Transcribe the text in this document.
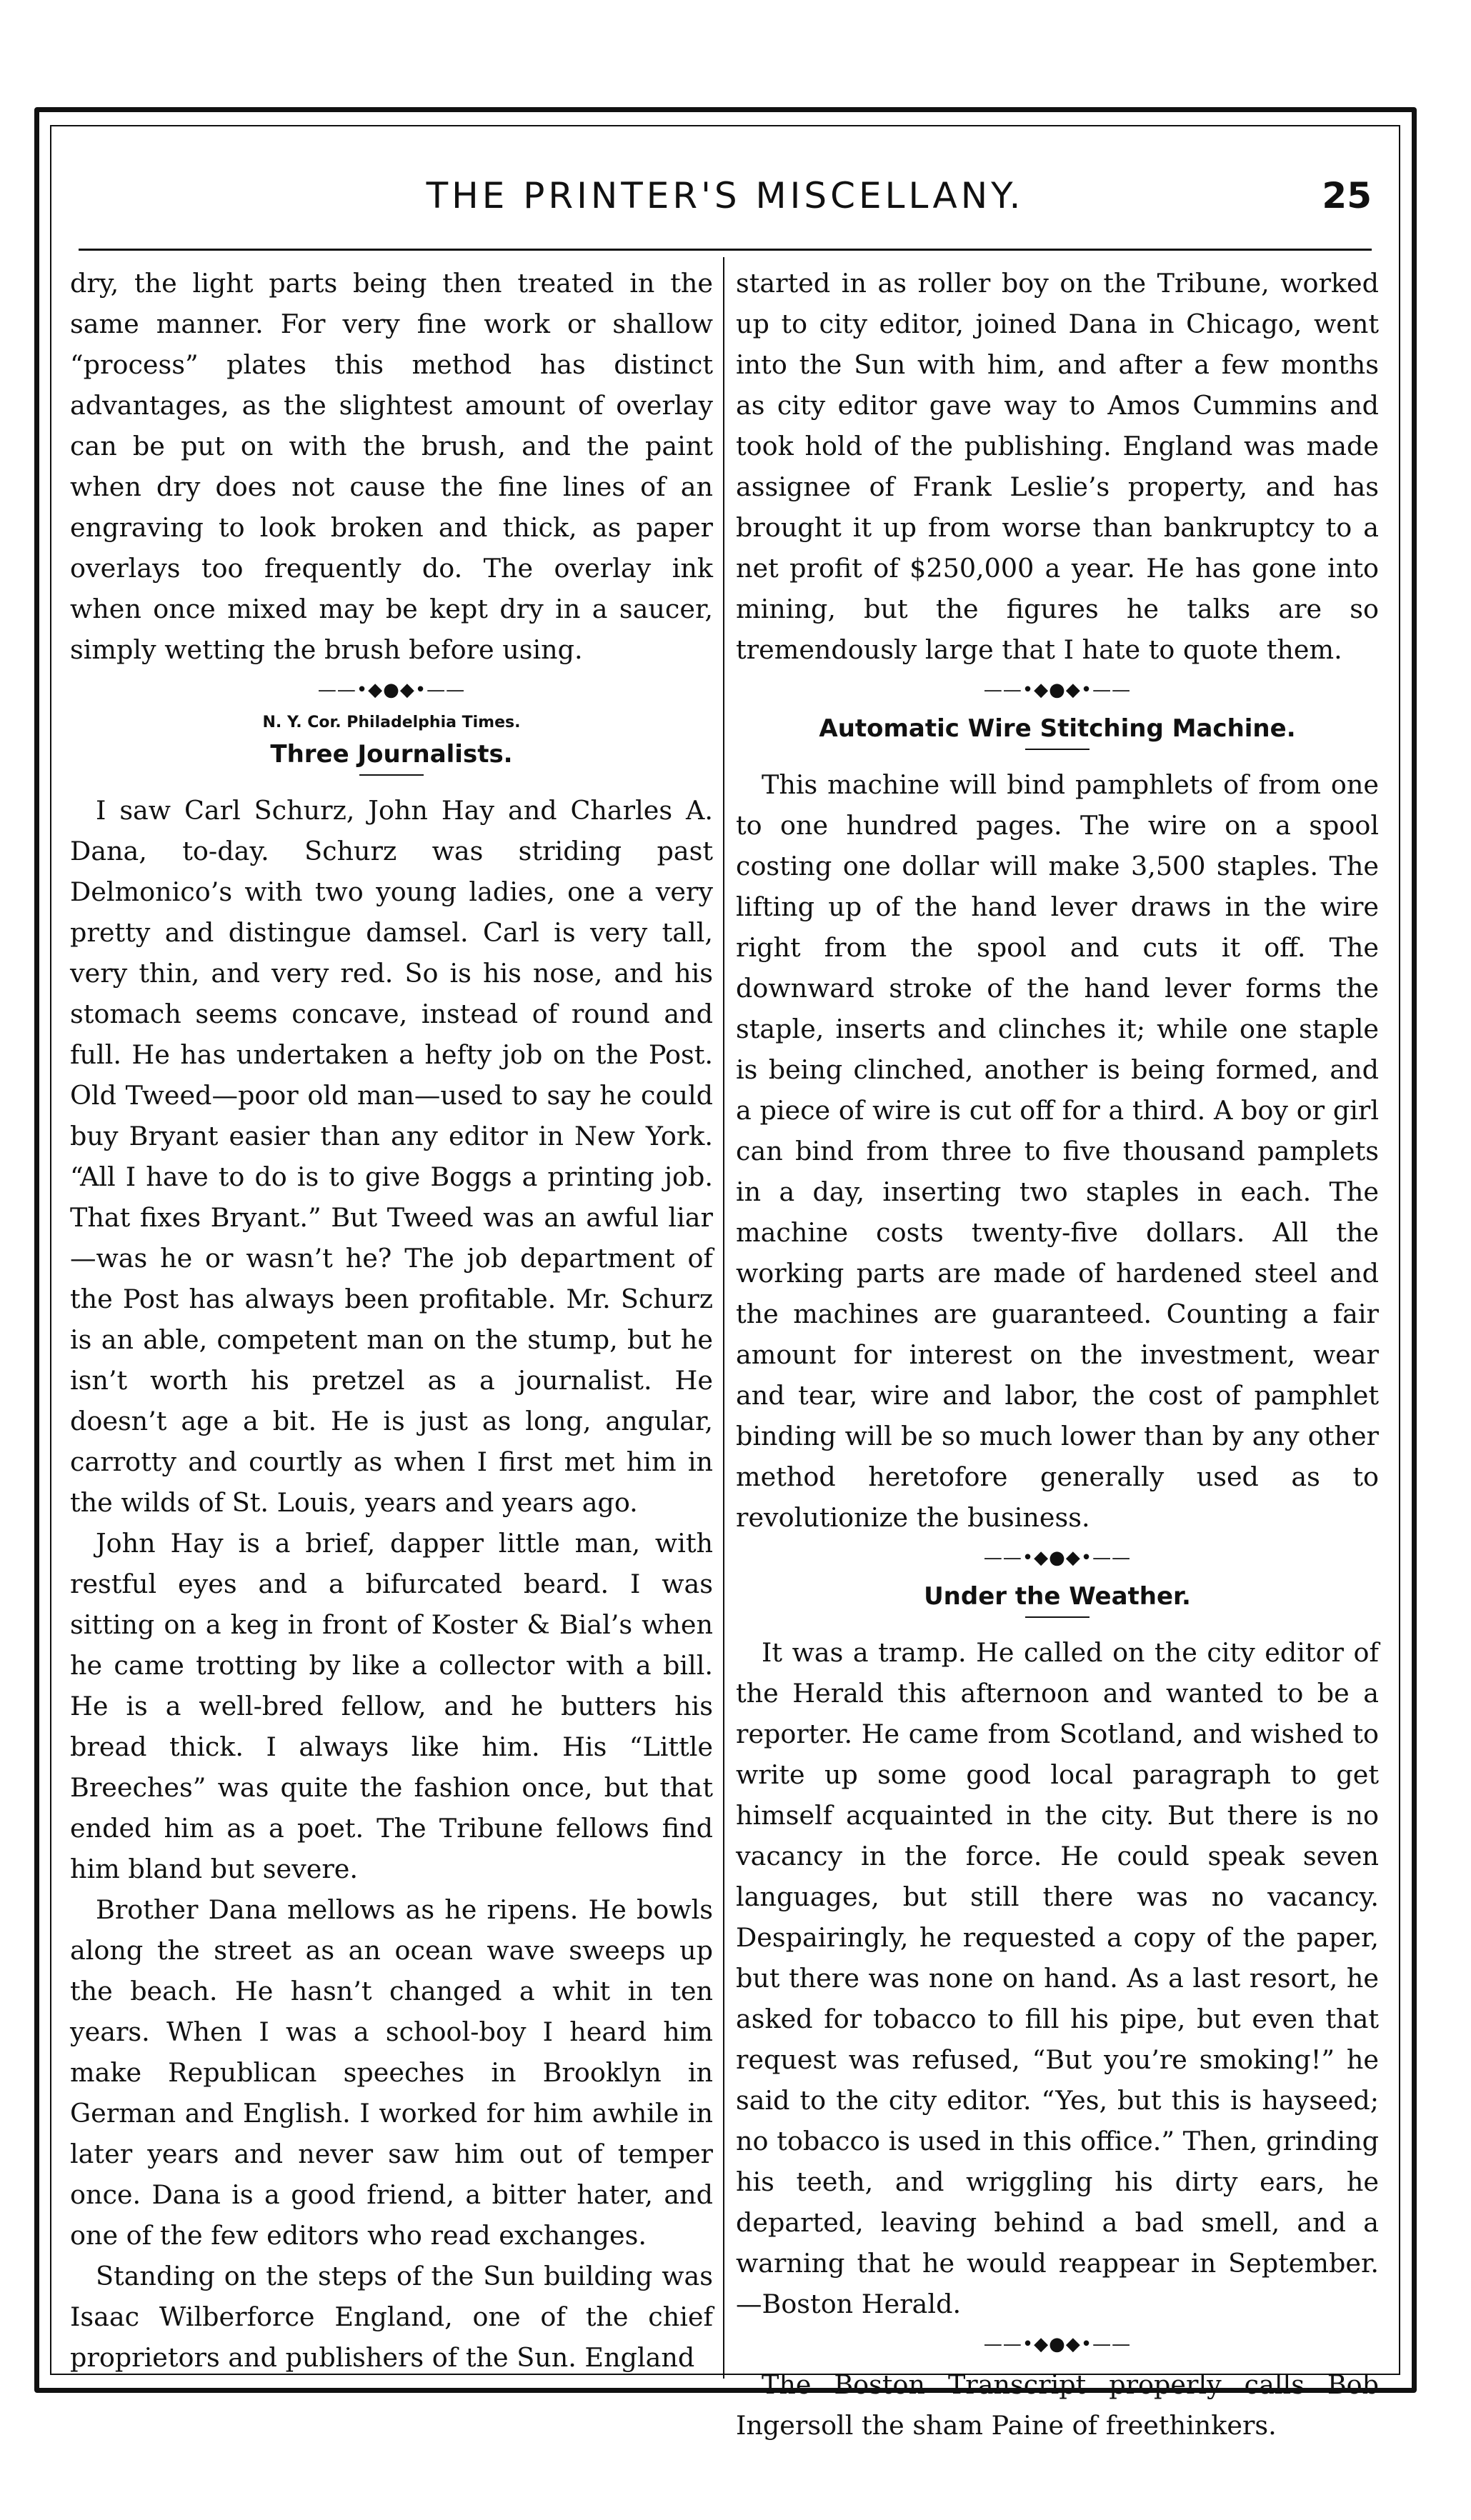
THE PRINTER'S MISCELLANY.	25

dry, the light parts being then treated in the same manner. For very fine work or shallow “process” plates this method has distinct advantages, as the slightest amount of overlay can be put on with the brush, and the paint when dry does not cause the fine lines of an engraving to look broken and thick, as paper overlays too frequently do. The overlay ink when once mixed may be kept dry in a saucer, simply wetting the brush before using.

——•◆●◆•——

N. Y. Cor. Philadelphia Times.

Three Journalists.

I saw Carl Schurz, John Hay and Charles A. Dana, to-day. Schurz was striding past Delmonico’s with two young ladies, one a very pretty and distingue damsel. Carl is very tall, very thin, and very red. So is his nose, and his stomach seems concave, instead of round and full. He has undertaken a hefty job on the Post. Old Tweed—poor old man—used to say he could buy Bryant easier than any editor in New York. “All I have to do is to give Boggs a printing job. That fixes Bryant.” But Tweed was an awful liar—was he or wasn’t he? The job department of the Post has always been profitable. Mr. Schurz is an able, competent man on the stump, but he isn’t worth his pretzel as a journalist. He doesn’t age a bit. He is just as long, angular, carrotty and courtly as when I first met him in the wilds of St. Louis, years and years ago.

John Hay is a brief, dapper little man, with restful eyes and a bifurcated beard. I was sitting on a keg in front of Koster & Bial’s when he came trotting by like a collector with a bill. He is a well-bred fellow, and he butters his bread thick. I always like him. His “Little Breeches” was quite the fashion once, but that ended him as a poet. The Tribune fellows find him bland but severe.

Brother Dana mellows as he ripens. He bowls along the street as an ocean wave sweeps up the beach. He hasn’t changed a whit in ten years. When I was a school-boy I heard him make Republican speeches in Brooklyn in German and English. I worked for him awhile in later years and never saw him out of temper once. Dana is a good friend, a bitter hater, and one of the few editors who read exchanges.

Standing on the steps of the Sun building was Isaac Wilberforce England, one of the chief proprietors and publishers of the Sun. England

started in as roller boy on the Tribune, worked up to city editor, joined Dana in Chicago, went into the Sun with him, and after a few months as city editor gave way to Amos Cummins and took hold of the publishing. England was made assignee of Frank Leslie’s property, and has brought it up from worse than bankruptcy to a net profit of $250,000 a year. He has gone into mining, but the figures he talks are so tremendously large that I hate to quote them.

——•◆●◆•——

Automatic Wire Stitching Machine.

This machine will bind pamphlets of from one to one hundred pages. The wire on a spool costing one dollar will make 3,500 staples. The lifting up of the hand lever draws in the wire right from the spool and cuts it off. The downward stroke of the hand lever forms the staple, inserts and clinches it; while one staple is being clinched, another is being formed, and a piece of wire is cut off for a third. A boy or girl can bind from three to five thousand pamplets in a day, inserting two staples in each. The machine costs twenty-five dollars. All the working parts are made of hardened steel and the machines are guaranteed. Counting a fair amount for interest on the investment, wear and tear, wire and labor, the cost of pamphlet binding will be so much lower than by any other method heretofore generally used as to revolutionize the business.

——•◆●◆•——

Under the Weather.

It was a tramp. He called on the city editor of the Herald this afternoon and wanted to be a reporter. He came from Scotland, and wished to write up some good local paragraph to get himself acquainted in the city. But there is no vacancy in the force. He could speak seven languages, but still there was no vacancy. Despairingly, he requested a copy of the paper, but there was none on hand. As a last resort, he asked for tobacco to fill his pipe, but even that request was refused, “But you’re smoking!” he said to the city editor. “Yes, but this is hayseed; no tobacco is used in this office.” Then, grinding his teeth, and wriggling his dirty ears, he departed, leaving behind a bad smell, and a warning that he would reappear in September.—Boston Herald.

——•◆●◆•——

The Boston Transcript properly calls Bob Ingersoll the sham Paine of freethinkers.
